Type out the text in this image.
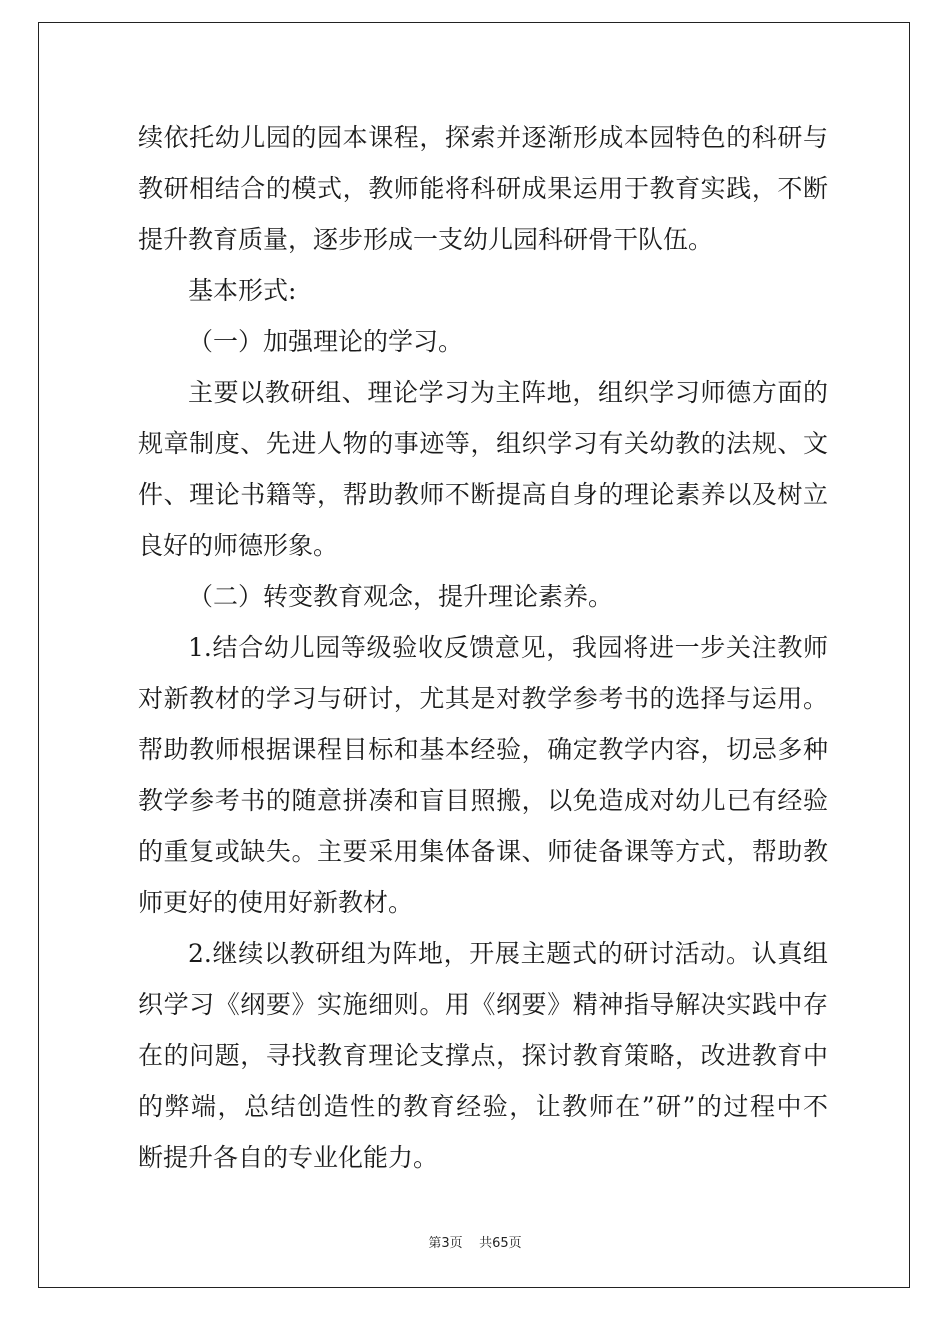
续依托幼儿园的园本课程，探索并逐渐形成本园特色的科研与
教研相结合的模式，教师能将科研成果运用于教育实践，不断
提升教育质量，逐步形成一支幼儿园科研骨干队伍。
基本形式:
（一）加强理论的学习。
主要以教研组、理论学习为主阵地，组织学习师德方面的
规章制度、先进人物的事迹等，组织学习有关幼教的法规、文
件、理论书籍等，帮助教师不断提高自身的理论素养以及树立
良好的师德形象。
（二）转变教育观念，提升理论素养。
1.结合幼儿园等级验收反馈意见，我园将进一步关注教师
对新教材的学习与研讨，尤其是对教学参考书的选择与运用。
帮助教师根据课程目标和基本经验，确定教学内容，切忌多种
教学参考书的随意拼凑和盲目照搬，以免造成对幼儿已有经验
的重复或缺失。主要采用集体备课、师徒备课等方式，帮助教
师更好的使用好新教材。
2.继续以教研组为阵地，开展主题式的研讨活动。认真组
织学习《纲要》实施细则。用《纲要》精神指导解决实践中存
在的问题，寻找教育理论支撑点，探讨教育策略，改进教育中
的弊端，总结创造性的教育经验，让教师在”研”的过程中不
断提升各自的专业化能力。
第3页    共65页
